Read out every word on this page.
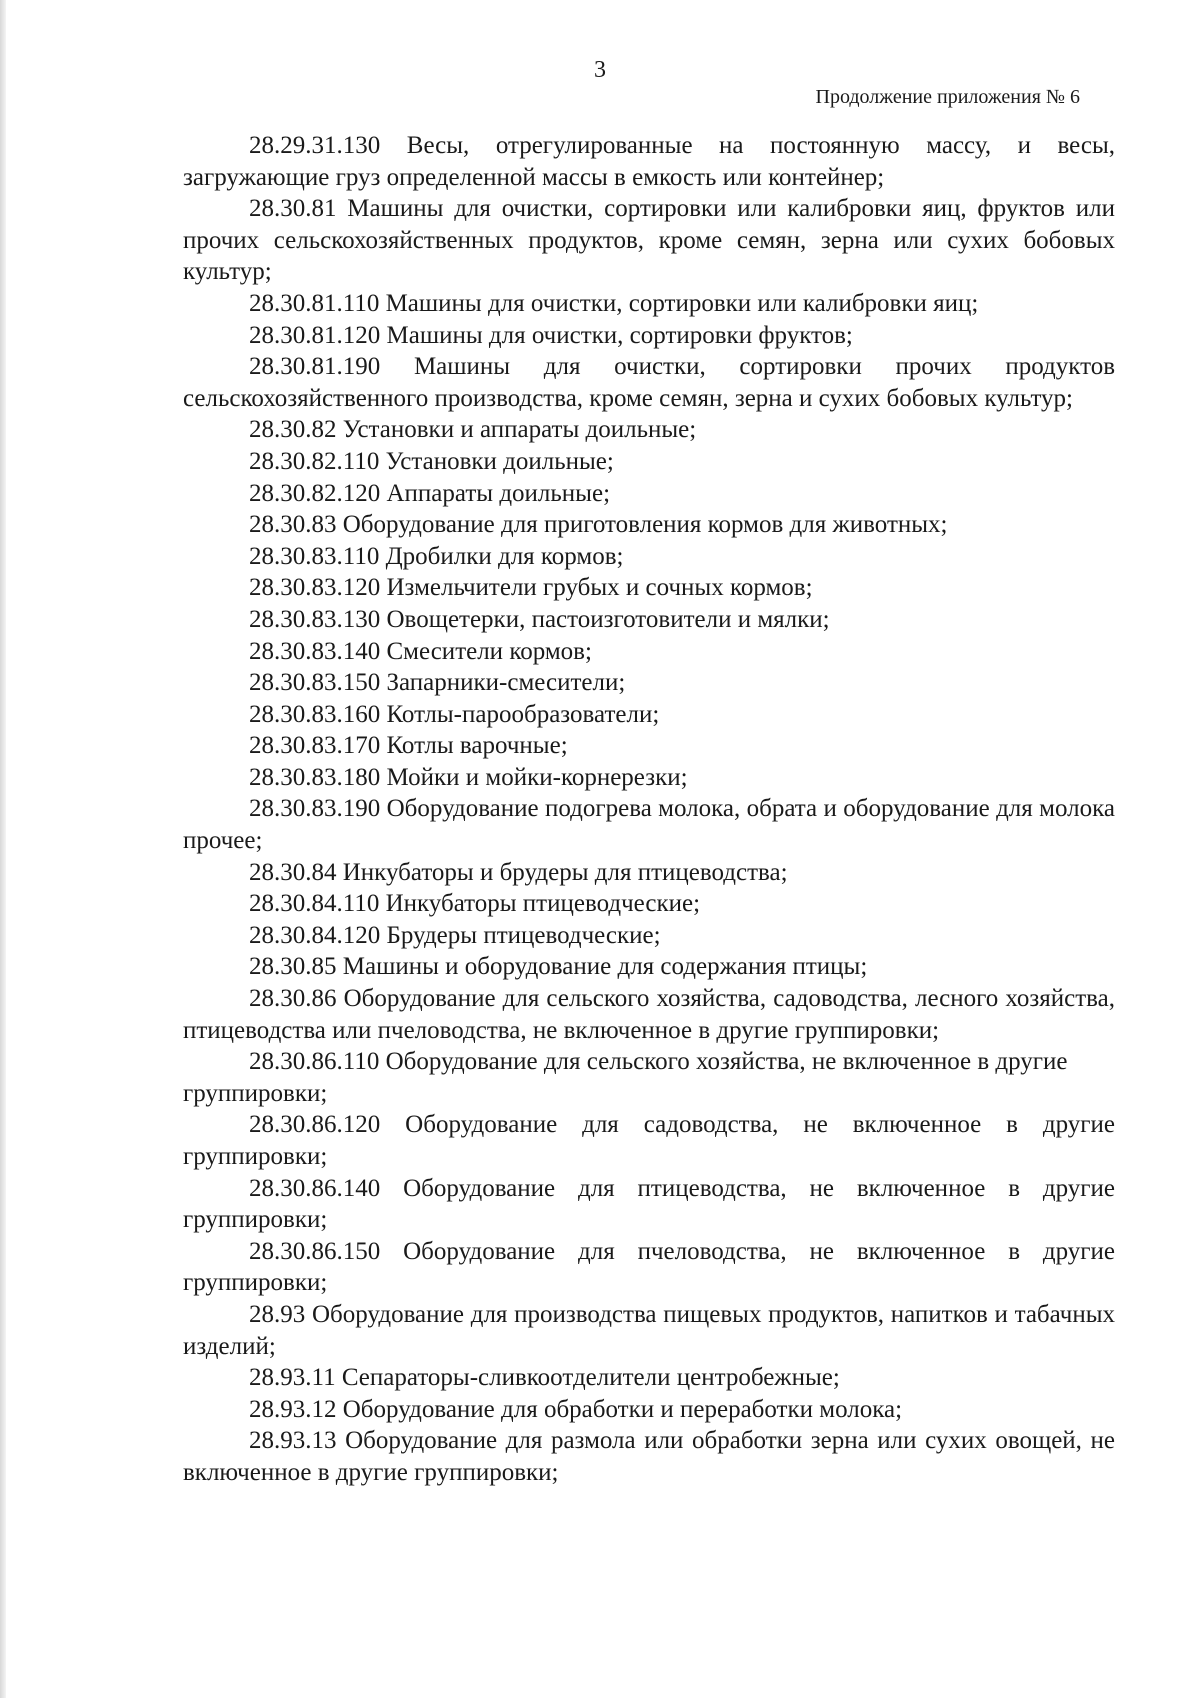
3
Продолжение приложения № 6

28.29.31.130 Весы, отрегулированные на постоянную массу, и весы, загружающие груз определенной массы в емкость или контейнер;

28.30.81 Машины для очистки, сортировки или калибровки яиц, фруктов или прочих сельскохозяйственных продуктов, кроме семян, зерна или сухих бобовых культур;

28.30.81.110 Машины для очистки, сортировки или калибровки яиц;

28.30.81.120 Машины для очистки, сортировки фруктов;

28.30.81.190 Машины для очистки, сортировки прочих продуктов сельскохозяйственного производства, кроме семян, зерна и сухих бобовых культур;

28.30.82 Установки и аппараты доильные;

28.30.82.110 Установки доильные;

28.30.82.120 Аппараты доильные;

28.30.83 Оборудование для приготовления кормов для животных;

28.30.83.110 Дробилки для кормов;

28.30.83.120 Измельчители грубых и сочных кормов;

28.30.83.130 Овощетерки, пастоизготовители и мялки;

28.30.83.140 Смесители кормов;

28.30.83.150 Запарники-смесители;

28.30.83.160 Котлы-парообразователи;

28.30.83.170 Котлы варочные;

28.30.83.180 Мойки и мойки-корнерезки;

28.30.83.190 Оборудование подогрева молока, обрата и оборудование для молока прочее;

28.30.84 Инкубаторы и брудеры для птицеводства;

28.30.84.110 Инкубаторы птицеводческие;

28.30.84.120 Брудеры птицеводческие;

28.30.85 Машины и оборудование для содержания птицы;

28.30.86 Оборудование для сельского хозяйства, садоводства, лесного хозяйства, птицеводства или пчеловодства, не включенное в другие группировки;

28.30.86.110 Оборудование для сельского хозяйства, не включенное в другие группировки;

28.30.86.120 Оборудование для садоводства, не включенное в другие группировки;

28.30.86.140 Оборудование для птицеводства, не включенное в другие группировки;

28.30.86.150 Оборудование для пчеловодства, не включенное в другие группировки;

28.93 Оборудование для производства пищевых продуктов, напитков и табачных изделий;

28.93.11 Сепараторы-сливкоотделители центробежные;

28.93.12 Оборудование для обработки и переработки молока;

28.93.13 Оборудование для размола или обработки зерна или сухих овощей, не включенное в другие группировки;
